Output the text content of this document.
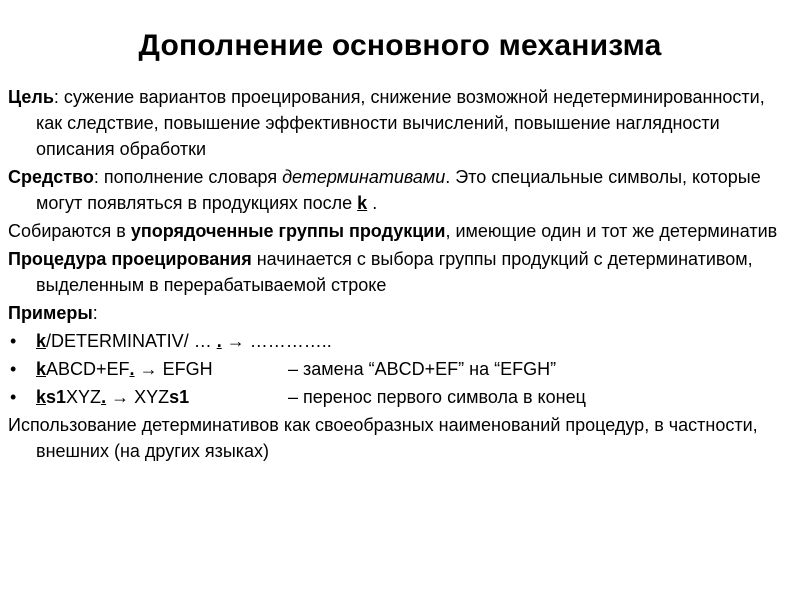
Дополнение основного механизма

Цель: сужение вариантов проецирования, снижение возможной недетерминированности, как следствие, повышение эффективности вычислений, повышение наглядности описания обработки

Средство: пополнение словаря детерминативами. Это специальные символы, которые могут появляться в продукциях после k .

Собираются в упорядоченные группы продукции, имеющие один и тот же детерминатив

Процедура проецирования начинается с выбора группы продукций с детерминативом, выделенным в перерабатываемой строке

Примеры:

• k/DETERMINATIV/ … . → …………..
• kABCD+EF. → EFGH	– замена “ABCD+EF” на “EFGH”
• ks1XYZ. → XYZs1	– перенос первого символа в конец

Использование детерминативов как своеобразных наименований процедур, в частности, внешних (на других языках)
